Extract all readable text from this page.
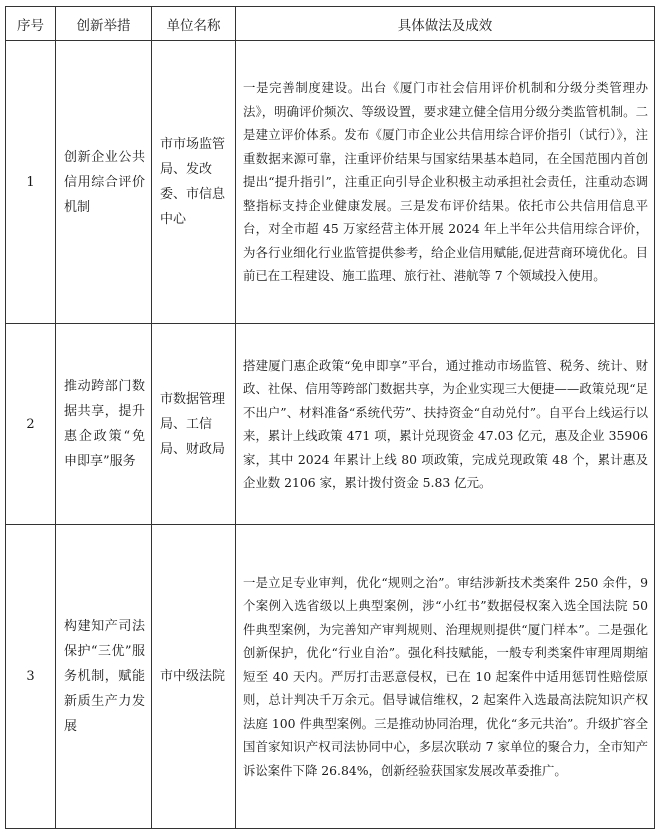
序号	创新举措	单位名称	具体做法及成效
1	创新企业公共信用综合评价机制	市市场监管局、发改委、市信息中心	一是完善制度建设。出台《厦门市社会信用评价机制和分级分类管理办法》，明确评价频次、等级设置，要求建立健全信用分级分类监管机制。二是建立评价体系。发布《厦门市企业公共信用综合评价指引（试行）》，注重数据来源可靠，注重评价结果与国家结果基本趋同，在全国范围内首创提出“提升指引”，注重正向引导企业积极主动承担社会责任，注重动态调整指标支持企业健康发展。三是发布评价结果。依托市公共信用信息平台，对全市超 45 万家经营主体开展 2024 年上半年公共信用综合评价，为各行业细化行业监管提供参考，给企业信用赋能,促进营商环境优化。目前已在工程建设、施工监理、旅行社、港航等 7 个领域投入使用。
2	推动跨部门数据共享，提升惠企政策“免申即享”服务	市数据管理局、工信局、财政局	搭建厦门惠企政策“免申即享”平台，通过推动市场监管、税务、统计、财政、社保、信用等跨部门数据共享，为企业实现三大便捷——政策兑现“足不出户”、材料准备“系统代劳”、扶持资金“自动兑付”。自平台上线运行以来，累计上线政策 471 项，累计兑现资金 47.03 亿元，惠及企业 35906 家，其中 2024 年累计上线 80 项政策，完成兑现政策 48 个，累计惠及企业数 2106 家，累计拨付资金 5.83 亿元。
3	构建知产司法保护“三优”服务机制，赋能新质生产力发展	市中级法院	一是立足专业审判，优化“规则之治”。审结涉新技术类案件 250 余件，9 个案例入选省级以上典型案例，涉“小红书”数据侵权案入选全国法院 50 件典型案例，为完善知产审判规则、治理规则提供“厦门样本”。二是强化创新保护，优化“行业自治”。强化科技赋能，一般专利类案件审理周期缩短至 40 天内。严厉打击恶意侵权，已在 10 起案件中适用惩罚性赔偿原则，总计判决千万余元。倡导诚信维权，2 起案件入选最高法院知识产权法庭 100 件典型案例。三是推动协同治理，优化“多元共治”。升级扩容全国首家知识产权司法协同中心，多层次联动 7 家单位的聚合力，全市知产诉讼案件下降 26.84%，创新经验获国家发展改革委推广。
